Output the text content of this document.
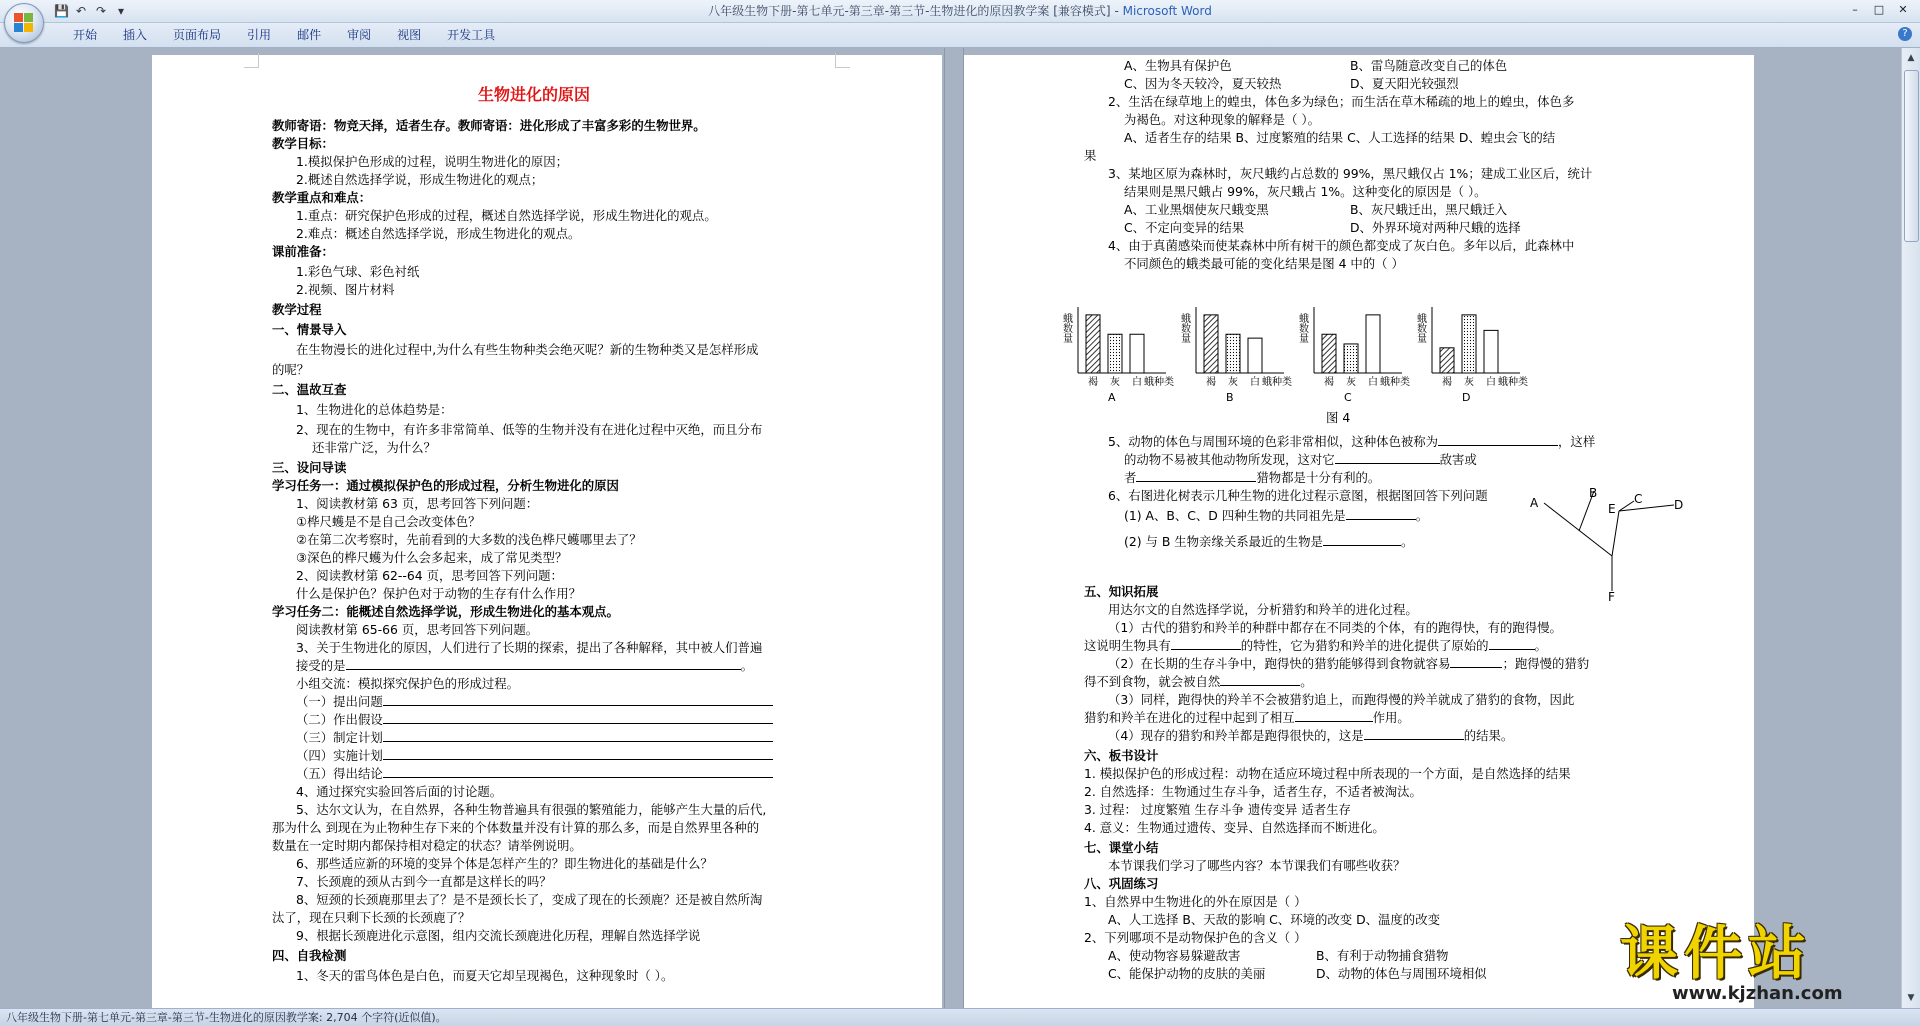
💾 ↶ ↷ ▾	八年级生物下册-第七单元-第三章-第三节-生物进化的原因教学案 [兼容模式] - Microsoft Word	–	□	✕
开始	插入	页面布局	引用	邮件	审阅	视图	开发工具	?
生物进化的原因
教师寄语：物竞天择，适者生存。教师寄语：进化形成了丰富多彩的生物世界。
教学目标：
1.模拟保护色形成的过程，说明生物进化的原因；
2.概述自然选择学说，形成生物进化的观点；
教学重点和难点：
1.重点：研究保护色形成的过程，概述自然选择学说，形成生物进化的观点。
2.难点：概述自然选择学说，形成生物进化的观点。
课前准备：
1.彩色气球、彩色衬纸
2.视频、图片材料
教学过程
一、情景导入
在生物漫长的进化过程中,为什么有些生物种类会绝灭呢？新的生物种类又是怎样形成
的呢？
二、温故互查
1、生物进化的总体趋势是：
2、现在的生物中，有许多非常简单、低等的生物并没有在进化过程中灭绝，而且分布
还非常广泛，为什么？
三、设问导读
学习任务一：通过模拟保护色的形成过程，分析生物进化的原因
1、阅读教材第 63 页，思考回答下列问题：
①桦尺蠖是不是自己会改变体色？
②在第二次考察时，先前看到的大多数的浅色桦尺蠖哪里去了？
③深色的桦尺蠖为什么会多起来，成了常见类型？
2、阅读教材第 62--64 页，思考回答下列问题：
什么是保护色？保护色对于动物的生存有什么作用？
学习任务二：能概述自然选择学说，形成生物进化的基本观点。
阅读教材第 65-66 页，思考回答下列问题。
3、关于生物进化的原因，人们进行了长期的探索，提出了各种解释，其中被人们普遍
接受的是	。
小组交流：模拟探究保护色的形成过程。
（一）提出问题
（二）作出假设
（三）制定计划
（四）实施计划
（五）得出结论
4、通过探究实验回答后面的讨论题。
5、达尔文认为，在自然界，各种生物普遍具有很强的繁殖能力，能够产生大量的后代,
那为什么 到现在为止物种生存下来的个体数量并没有计算的那么多，而是自然界里各种的
数量在一定时期内都保持相对稳定的状态？请举例说明。
6、那些适应新的环境的变异个体是怎样产生的？即生物进化的基础是什么？
7、长颈鹿的颈从古到今一直都是这样长的吗？
8、短颈的长颈鹿那里去了？是不是颈长长了，变成了现在的长颈鹿？还是被自然所淘
汰了，现在只剩下长颈的长颈鹿了？
9、根据长颈鹿进化示意图，组内交流长颈鹿进化历程，理解自然选择学说
四、自我检测
1、冬天的雷鸟体色是白色，而夏天它却呈现褐色，这种现象时（ ）。
A、生物具有保护色	B、雷鸟随意改变自己的体色
C、因为冬天较冷，夏天较热	D、夏天阳光较强烈
2、生活在绿草地上的蝗虫，体色多为绿色；而生活在草木稀疏的地上的蝗虫，体色多
为褐色。对这种现象的解释是（ ）。
A、适者生存的结果 B、过度繁殖的结果 C、人工选择的结果 D、蝗虫会飞的结
果
3、某地区原为森林时，灰尺蛾约占总数的 99%，黑尺蛾仅占 1%；建成工业区后，统计
结果则是黑尺蛾占 99%，灰尺蛾占 1%。这种变化的原因是（ ）。
A、工业黑烟使灰尺蛾变黑	B、灰尺蛾迁出，黑尺蛾迁入
C、不定向变异的结果	D、外界环境对两种尺蛾的选择
4、由于真菌感染而使某森林中所有树干的颜色都变成了灰白色。多年以后，此森林中
不同颜色的蛾类最可能的变化结果是图 4 中的（ ）
蛾数量
蛾种类
褐 灰 白
A
蛾数量
蛾种类
褐 灰 白
B
蛾数量
蛾种类
褐 灰 白
C
蛾数量
蛾种类
褐 灰 白
D
图 4
5、动物的体色与周围环境的色彩非常相似，这种体色被称为	，这样
的动物不易被其他动物所发现，这对它	敌害或
者	猎物都是十分有利的。
6、右图进化树表示几种生物的进化过程示意图，根据图回答下列问题
(1) A、B、C、D 四种生物的共同祖先是	。
(2) 与 B 生物亲缘关系最近的生物是	。
A
B
E
C	D
F
五、知识拓展
用达尔文的自然选择学说，分析猎豹和羚羊的进化过程。
（1）古代的猎豹和羚羊的种群中都存在不同类的个体，有的跑得快，有的跑得慢。
这说明生物具有	的特性，它为猎豹和羚羊的进化提供了原始的	。
（2）在长期的生存斗争中，跑得快的猎豹能够得到食物就容易	；跑得慢的猎豹
得不到食物，就会被自然	。
（3）同样，跑得快的羚羊不会被猎豹追上，而跑得慢的羚羊就成了猎豹的食物，因此
猎豹和羚羊在进化的过程中起到了相互	作用。
（4）现存的猎豹和羚羊都是跑得很快的，这是	的结果。
六、板书设计
1. 模拟保护色的形成过程：动物在适应环境过程中所表现的一个方面，是自然选择的结果
2. 自然选择：生物通过生存斗争，适者生存，不适者被淘汰。
3. 过程： 过度繁殖 生存斗争 遗传变异 适者生存
4. 意义：生物通过遗传、变异、自然选择而不断进化。
七、课堂小结
本节课我们学习了哪些内容？本节课我们有哪些收获？
八、巩固练习
1、自然界中生物进化的外在原因是（ ）
A、人工选择 B、天敌的影响 C、环境的改变 D、温度的改变
2、下列哪项不是动物保护色的含义（ ）
A、使动物容易躲避敌害	B、有利于动物捕食猎物
C、能保护动物的皮肤的美丽	D、动物的体色与周围环境相似
▲
▼
课件站
www.kjzhan.com
八年级生物下册-第七单元-第三章-第三节-生物进化的原因教学案: 2,704 个字符(近似值)。
